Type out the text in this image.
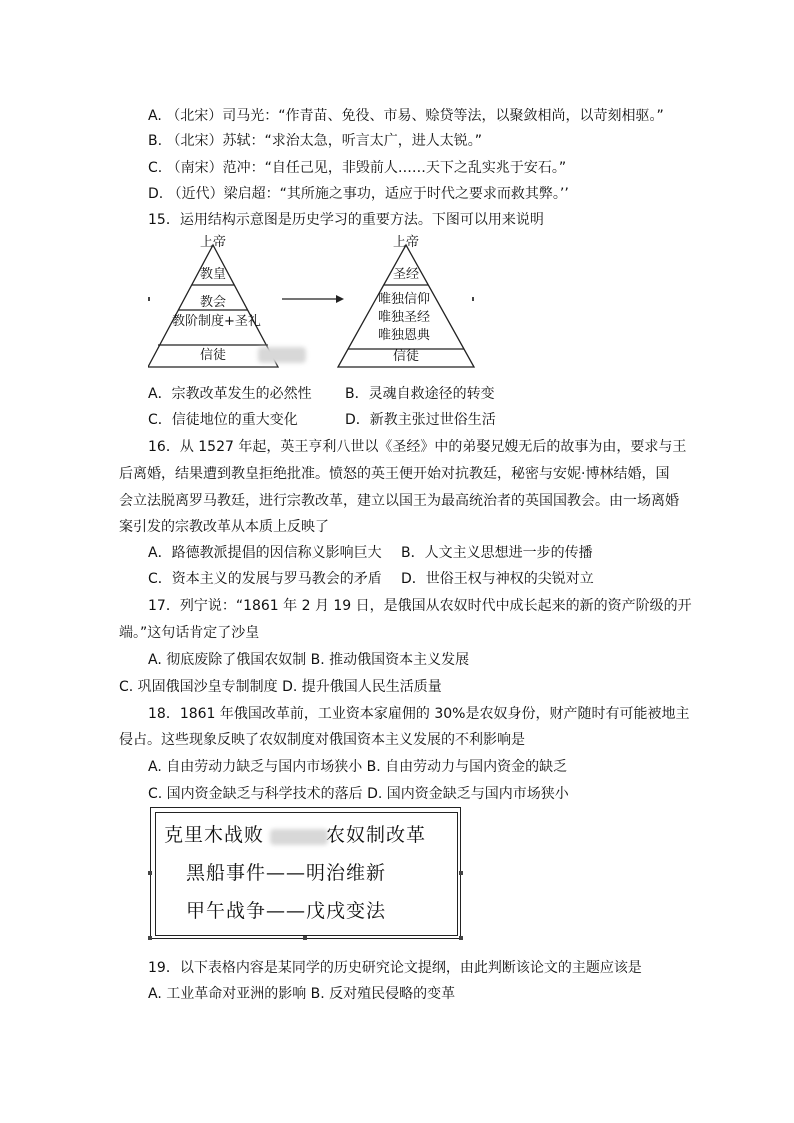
A. （北宋）司马光：“作青苗、免役、市易、赊贷等法，以聚敛相尚，以苛刻相驱。”
B. （北宋）苏轼：“求治太急，听言太广，进人太锐。”
C. （南宋）范冲：“自任己见，非毁前人……天下之乱实兆于安石。”
D. （近代）梁启超：“其所施之事功，适应于时代之要求而救其弊。’’
15．运用结构示意图是历史学习的重要方法。下图可以用来说明
上帝
教皇
教会
教阶制度+圣礼
信徒
上帝
圣经
唯独信仰
唯独圣经
唯独恩典
信徒
A．宗教改革发生的必然性 B．灵魂自救途径的转变
C．信徒地位的重大变化	D．新教主张过世俗生活
16．从 1527 年起，英王亨利八世以《圣经》中的弟娶兄嫂无后的故事为由，要求与王
后离婚，结果遭到教皇拒绝批准。愤怒的英王便开始对抗教廷，秘密与安妮·博林结婚，国
会立法脱离罗马教廷，进行宗教改革，建立以国王为最高统治者的英国国教会。由一场离婚
案引发的宗教改革从本质上反映了
A．路德教派提倡的因信称义影响巨大 B．人文主义思想进一步的传播
C．资本主义的发展与罗马教会的矛盾 D．世俗王权与神权的尖锐对立
17．列宁说：“1861 年 2 月 19 日，是俄国从农奴时代中成长起来的新的资产阶级的开
端。”这句话肯定了沙皇
A. 彻底废除了俄国农奴制 B. 推动俄国资本主义发展
C. 巩固俄国沙皇专制制度 D. 提升俄国人民生活质量
18．1861 年俄国改革前，工业资本家雇佣的 30%是农奴身份，财产随时有可能被地主
侵占。这些现象反映了农奴制度对俄国资本主义发展的不利影响是
A. 自由劳动力缺乏与国内市场狭小 B. 自由劳动力与国内资金的缺乏
C. 国内资金缺乏与科学技术的落后 D. 国内资金缺乏与国内市场狭小
克里木战败	农奴制改革
黑船事件——明治维新
甲午战争——戊戌变法
19．以下表格内容是某同学的历史研究论文提纲，由此判断该论文的主题应该是
A. 工业革命对亚洲的影响 B. 反对殖民侵略的变革
